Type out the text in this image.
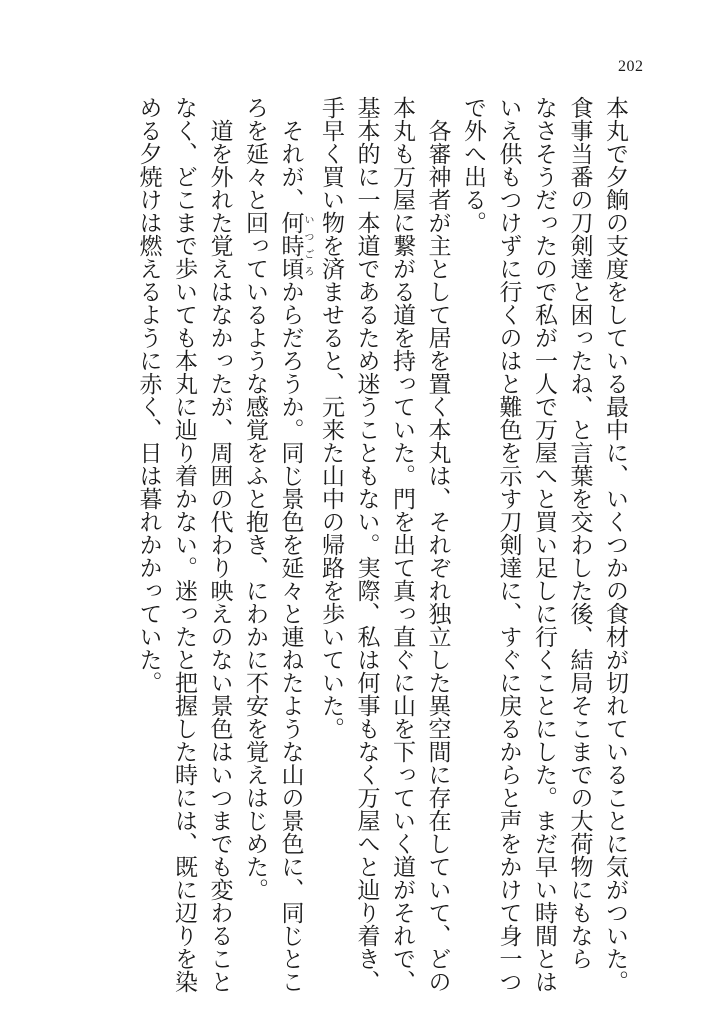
202
本丸で夕餉の支度をしている最中に、いくつかの食材が切れていることに気がついた。
食事当番の刀剣達と困ったね、と言葉を交わした後、結局そこまでの大荷物にもなら
なさそうだったので私が一人で万屋へと買い足しに行くことにした。まだ早い時間とは
いえ供もつけずに行くのはと難色を示す刀剣達に、すぐに戻るからと声をかけて身一つ
で外へ出る。
　各審神者が主として居を置く本丸は、それぞれ独立した異空間に存在していて、どの
本丸も万屋に繋がる道を持っていた。門を出て真っ直ぐに山を下っていく道がそれで、
基本的に一本道であるため迷うこともない。実際、私は何事もなく万屋へと辿り着き、
手早く買い物を済ませると、元来た山中の帰路を歩いていた。
　それが、何時頃いつごろからだろうか。同じ景色を延々と連ねたような山の景色に、同じとこ
ろを延々と回っているような感覚をふと抱き、にわかに不安を覚えはじめた。
　道を外れた覚えはなかったが、周囲の代わり映えのない景色はいつまでも変わること
なく、どこまで歩いても本丸に辿り着かない。迷ったと把握した時には、既に辺りを染
める夕焼けは燃えるように赤く、日は暮れかかっていた。
